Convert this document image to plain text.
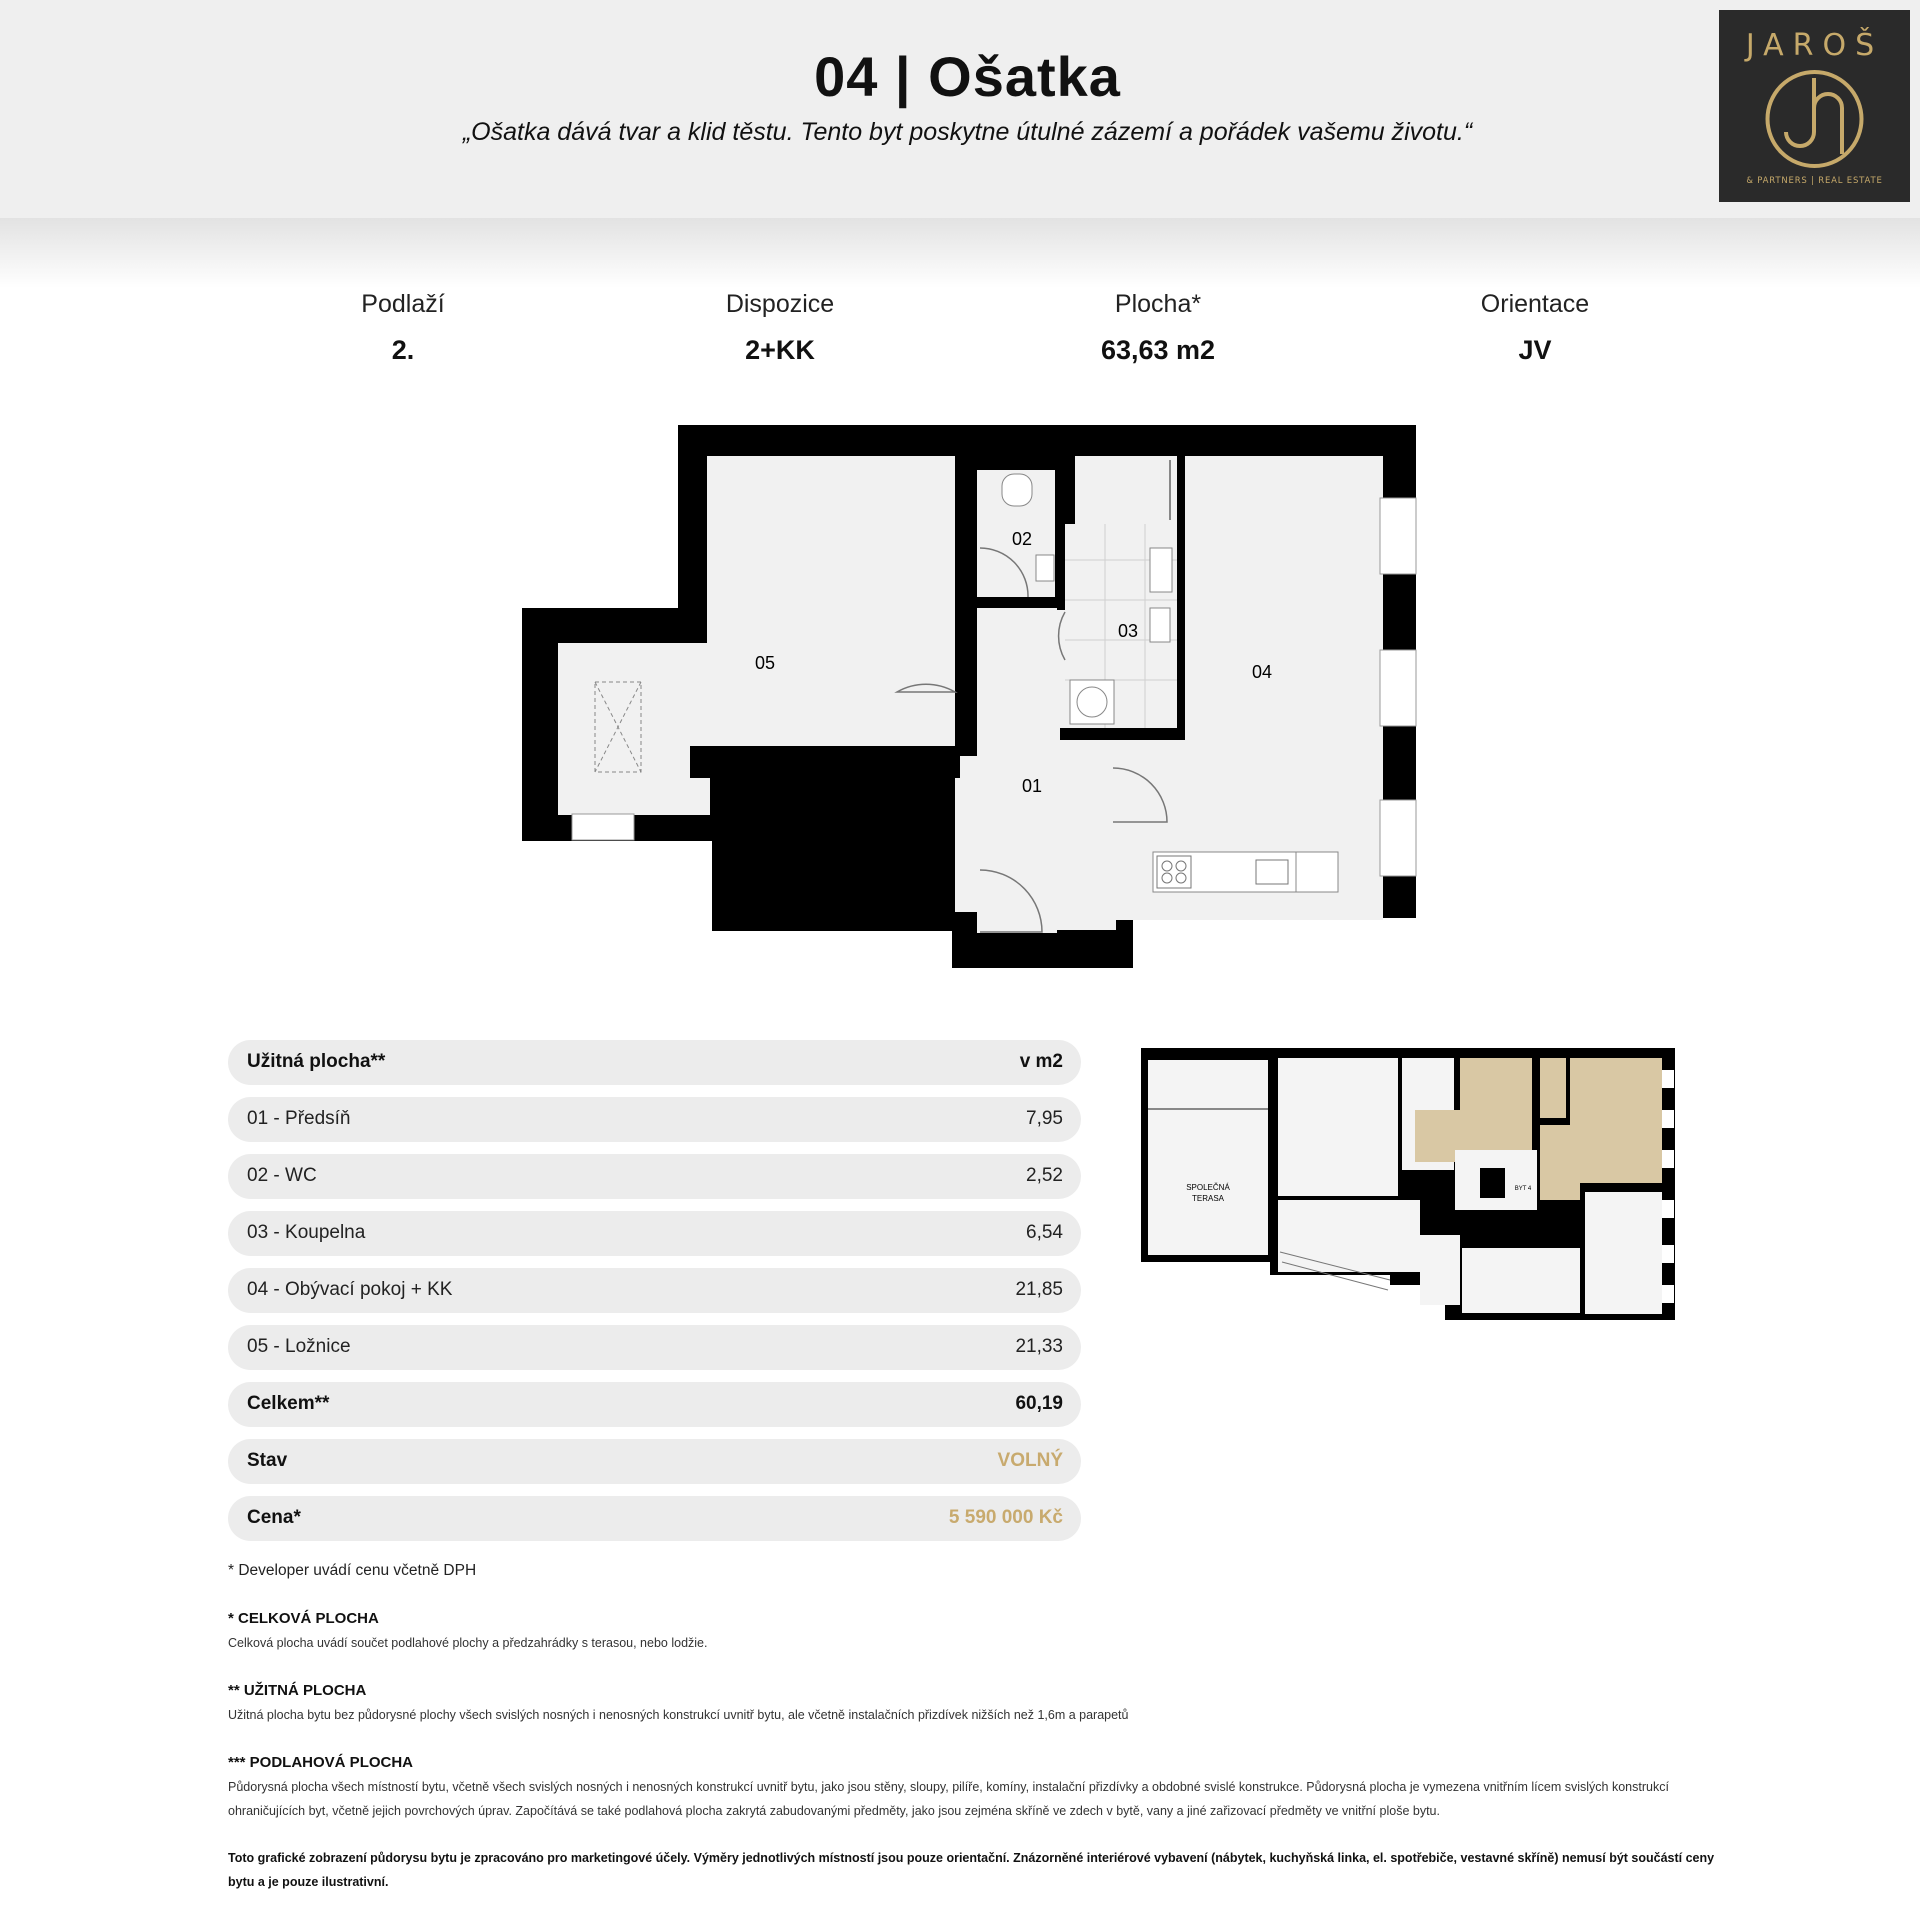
04 | Ošatka
„Ošatka dává tvar a klid těstu. Tento byt poskytne útulné zázemí a pořádek vašemu životu.“
JAROŠ
& PARTNERS | REAL ESTATE
Podlaží
2.
Dispozice
2+KK
Plocha*
63,63 m2
Orientace
JV
01
02
03
04
05
Užitná plocha**	v m2
01 - Předsíň	7,95
02 - WC	2,52
03 - Koupelna	6,54
04 - Obývací pokoj + KK	21,85
05 - Ložnice	21,33
Celkem**	60,19
Stav	VOLNÝ
Cena*	5 590 000 Kč
SPOLEČNÁ
TERASA
BYT 6	BYT 4
BYT 5
* Developer uvádí cenu včetně DPH
* CELKOVÁ PLOCHA
Celková plocha uvádí součet podlahové plochy a předzahrádky s terasou, nebo lodžie.
** UŽITNÁ PLOCHA
Užitná plocha bytu bez půdorysné plochy všech svislých nosných i nenosných konstrukcí uvnitř bytu, ale včetně instalačních přizdívek nižších než 1,6m a parapetů
*** PODLAHOVÁ PLOCHA
Půdorysná plocha všech místností bytu, včetně všech svislých nosných i nenosných konstrukcí uvnitř bytu, jako jsou stěny, sloupy, pilíře, komíny, instalační přizdívky a obdobné svislé konstrukce. Půdorysná plocha je vymezena vnitřním lícem svislých konstrukcí ohraničujících byt, včetně jejich povrchových úprav. Započítává se také podlahová plocha zakrytá zabudovanými předměty, jako jsou zejména skříně ve zdech v bytě, vany a jiné zařizovací předměty ve vnitřní ploše bytu.
Toto grafické zobrazení půdorysu bytu je zpracováno pro marketingové účely. Výměry jednotlivých místností jsou pouze orientační. Znázorněné interiérové vybavení (nábytek, kuchyňská linka, el. spotřebiče, vestavné skříně) nemusí být součástí ceny bytu a je pouze ilustrativní.
